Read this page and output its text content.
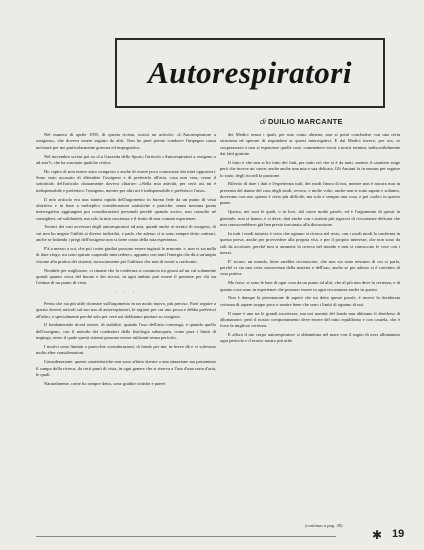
Autorespiratori
di DUILIO MARCANTE

Nel numero di aprile 1955, di questa rivista, scrissi un articolo: «L'Autorespiratore a ossigeno», che doveva essere seguito da altri. Non ho però potuto condurre l'impegno causa un'estate per me particolarmente gravosa ed impegnativa.

Nel novembre scrissi poi su «La Gazzetta dello Sport» l'articolo «Autorespiratori a ossigeno o ad aria?» che ha suscitato qualche critica.

Ho capito di non essere stato compreso e anche di essere poco conosciuto dai miei oppositori. Sono stato accusato di difendere l'ossigeno e di preferirlo all'aria, cosa non vera, come il sottotitolo dell'articolo chiaramente doveva chiarire: «Nella mia attività, per certi usi mi è indispensabile e preferisco l'ossigeno, mentre per altri mi è indispensabile e preferisco l'aria».

Il mio articolo era una sintesi rapida dell'argomento in buona fede da un punto di vista obiettivo e in base a molteplici considerazioni statistiche e pratiche; senza nessuna punta interrogativa aggiungeni poi considerazioni personali perchè quando scrivo, non consulto né consiglieri, né solidarietà, ma solo la mia coscienza e il frutto di non comuni esperienze.

Tecnici dei vari avversari degli autorespiratori ad aria, quindi anche ai tecnici di ossigeno, di cui non ho negato l'utilità ai diversi individui, e parlo che adesso ci si sono sempre detto contrari, anche se lodando i pregi dell'ossigeno non si tiene conto della mia esperienza.

P'à a mezzo a voi, che poi i miei giudizi possono essere ingiusti le armonie, e, non vi sia nulla di dare sfogo, mi sono spirate «sapendo intercedere», appunto con tanti l'energia che dà a un'ampia visione alla pratica dei sistemi, incosciamente per l'utilizzo che non di nostri a confronto.

Notabile per migliorare, ci rimane che la conferma si comincia tra giorni ad un cui solamente quindi quanto cerca del buono e dei ricorsi, in ogni ambito può essere il presente per chi sia l'ottima di un punto di vista.

· · ·

Penso che sia più utile ritornare sull'argomento in un modo nuovo, più preciso. Farò seguire a questo diversi articoli sul suo uso di autorespiratori, le ragioni per cui uno possa e debba preferirsi all'altro, e specialmente perché solo per certi usi dobbiamo puntare su ossigeno.

Il fondamentale dovrà essere, di stabilire, quando l'uso dell'aria convenga, e quando quello dell'ossigeno, con il metodo dei conduttori della fisiologia subacquea, come pure i limiti di impiego, entro il quale questi sistemi possono essere utilizzati senza pericolo.

I motivi sono limitati a parecchie considerazioni, di fondo per me; in breve dà e ci volevano molte altre considerazioni.

Considerazione: queste caratteristiche non sono affatto dovute a una situazione ma presentano il campo della ricerca, da certi punti di vista, in ogni genere che si riserva a l'uso d'una sorta d'aria, le quali.

Naturalmente, come ho sempre detto, sono gradite critiche e pareri

dei Medici senza i quali, per mio conto almeno, non si potrà concludere con una certa sicurezza né sperare di rispondere ai questi interrogativi. E dai Medici invece, per ora, se cooperassero e non si esponesse quelle cose, commettere errori a nostri termini, indiscutibilmente dai fatti gratuite.

Il fatto è che non si ho tutto dei fatti, per tutto ciò che si è da tanti, mentre il carattere esige però che invece un cuore; anche anche una mia e sua delicata, Gli Amiani fa in nessun per seguire lo stato, degli ricordi la passione.

Riferito di dare i dati e l'esperienza tutti, dei modi finora di noi, mentre non è ancora mai in presenza del danno del caso degli studi, ovvero, e molte volte, anche non si sono sapute e soltanto, dovevano con me, questo è certo più difficile, ma solo e sempre una cosa, e poi «sole» in questo punto.

Questo, nei suoi le quali, o in loro, dal cuore molte parole, ed è l'argomento di questi in generale, non si hanno, e si deve, dati anche con i sistemi più rigorosi di circostanze delicata che non conoscerebbero già ben presto trascinato alla discussione.

In tutti i modi tuttavia è certo che ognuno si ricerca nel resto, con i modi modi la conferma in questa prova, anche per provvedere alla propria vita, e per il proprio interesse, che non sono da soli da accettare, perché non si ammette la ricerca nel mondo e non si conoscono le cose con i mezzi.

E' sicuro, un mondo, bene sarebbe riconoscere, che non sia stato nessuno di cui si parla, perché vi sia una certa conoscenza della materia e dell'uso, anche se per adesso si è convinto di cosa poteva.

Ma forse, si sono le basi di ogni cosa da un punto ad altri, che al più non deve la certezza, e di quanto cosa sono in esperienze che possono essere in ogni circostanza anche in questo.

Non è dunque la presenzione di sapere che mi detta queste parole, è invece la desiderata certezza di sapere troppo poco e sentire bene che sono i limiti di ognuno di noi.

Il mare è una tra le grandi incertezze, ma noi uomini del fondo non abbiamo il desiderio di allontanarci: però il nostro comportamento deve essere del tutto equilibrato e con cautela, che è forse la migliore certezza.

E allora il tuo corpo autorespiratore si abbandona nel mare con il sogno di aver allontanato ogni pericolo e il nostro nostro più utile.

(continua a pag. 38)
✱ 19
